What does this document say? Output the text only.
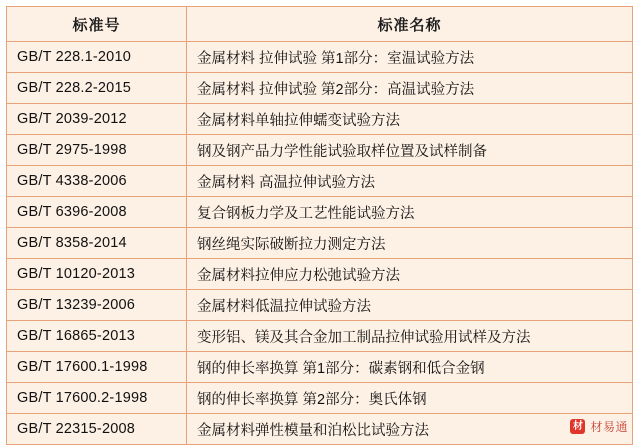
标准号	标准名称
GB/T 228.1-2010	金属材料 拉伸试验 第1部分：室温试验方法
GB/T 228.2-2015	金属材料 拉伸试验 第2部分：高温试验方法
GB/T 2039-2012	金属材料单轴拉伸蠕变试验方法
GB/T 2975-1998	钢及钢产品力学性能试验取样位置及试样制备
GB/T 4338-2006	金属材料 高温拉伸试验方法
GB/T 6396-2008	复合钢板力学及工艺性能试验方法
GB/T 8358-2014	钢丝绳实际破断拉力测定方法
GB/T 10120-2013	金属材料拉伸应力松弛试验方法
GB/T 13239-2006	金属材料低温拉伸试验方法
GB/T 16865-2013	变形铝、镁及其合金加工制品拉伸试验用试样及方法
GB/T 17600.1-1998	钢的伸长率换算 第1部分：碳素钢和低合金钢
GB/T 17600.2-1998	钢的伸长率换算 第2部分：奥氏体钢
GB/T 22315-2008	金属材料弹性模量和泊松比试验方法	材 材易通
